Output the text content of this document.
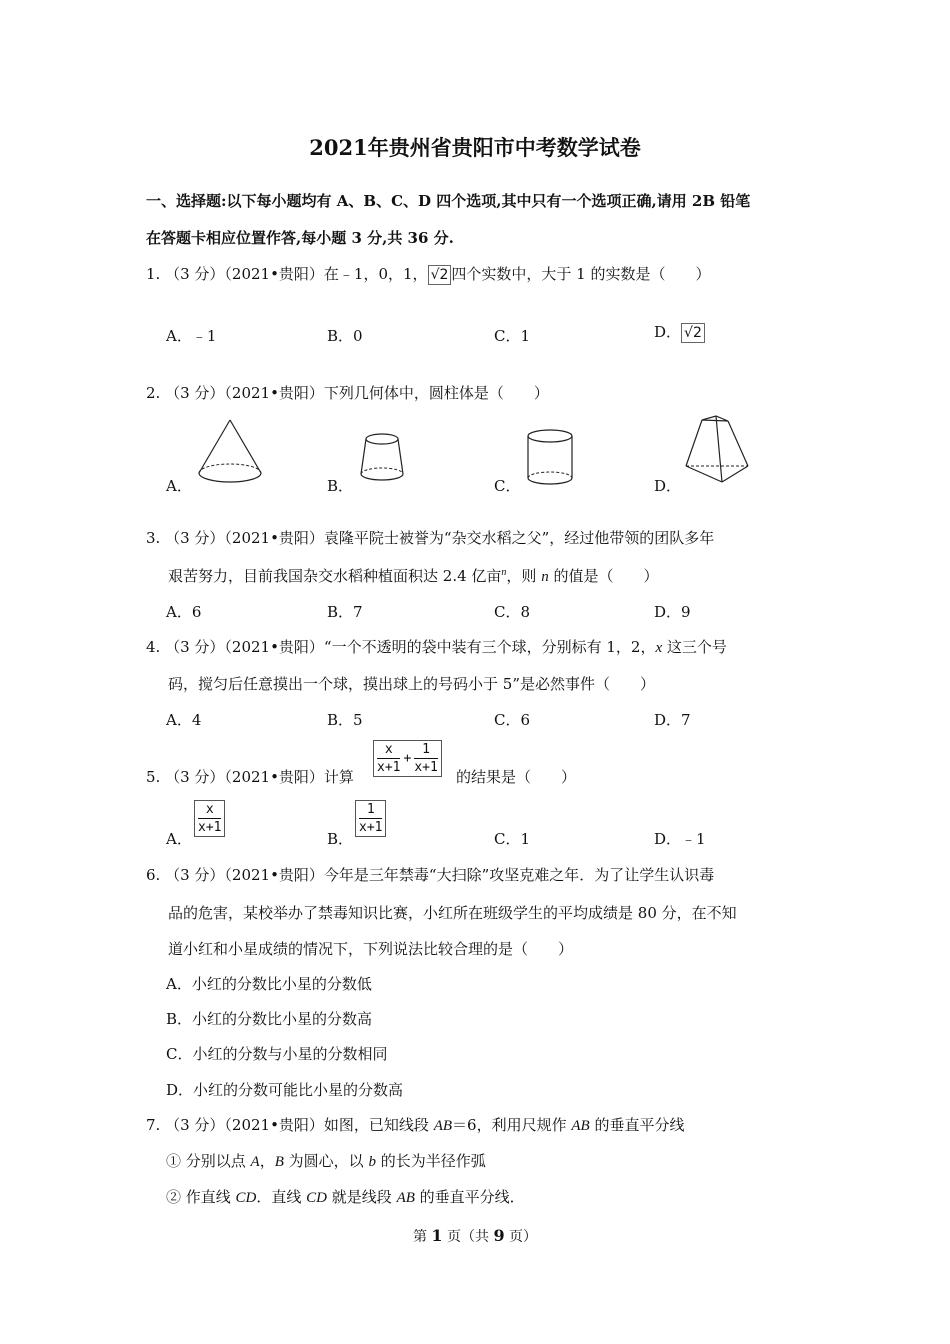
2021年贵州省贵阳市中考数学试卷
一、选择题:以下每小题均有 A、B、C、D 四个选项,其中只有一个选项正确,请用 2B 铅笔
在答题卡相应位置作答,每小题 3 分,共 36 分.
1. （3 分）（2021•贵阳）在﹣1，0，1， √2 四个实数中，大于 1 的实数是（　　）
A．﹣1	B．0	C．1	D． √2
2. （3 分）（2021•贵阳）下列几何体中，圆柱体是（　　）
A．	B．	C．	D．
3. （3 分）（2021•贵阳）袁隆平院士被誉为“杂交水稻之父”，经过他带领的团队多年
艰苦努力，目前我国杂交水稻种植面积达 2.4 亿亩$^n$，则 n 的值是（　　）
A．6	B．7	C．8	D．9
4. （3 分）（2021•贵阳）“一个不透明的袋中装有三个球，分别标有 1，2，x 这三个号
码，搅匀后任意摸出一个球，摸出球上的号码小于 5”是必然事件（　　）
A．4	B．5	C．6	D．7
5. （3 分）（2021•贵阳）计算
$\frac{x}{x+1} + \frac{1}{x+1}$
的结果是（　　）
A．
$\frac{x}{x+1}$
B．
$\frac{1}{x+1}$
C．1	D．﹣1
6. （3 分）（2021•贵阳）今年是三年禁毒“大扫除”攻坚克难之年．为了让学生认识毒
品的危害，某校举办了禁毒知识比赛，小红所在班级学生的平均成绩是 80 分，在不知
道小红和小星成绩的情况下，下列说法比较合理的是（　　）
A．小红的分数比小星的分数低
B．小红的分数比小星的分数高
C．小红的分数与小星的分数相同
D．小红的分数可能比小星的分数高
7. （3 分）（2021•贵阳）如图，已知线段 AB＝6，利用尺规作 AB 的垂直平分线
① 分别以点 A，B 为圆心，以 b 的长为半径作弧
② 作直线 CD．直线 CD 就是线段 AB 的垂直平分线．
第 1 页（共 9 页）
